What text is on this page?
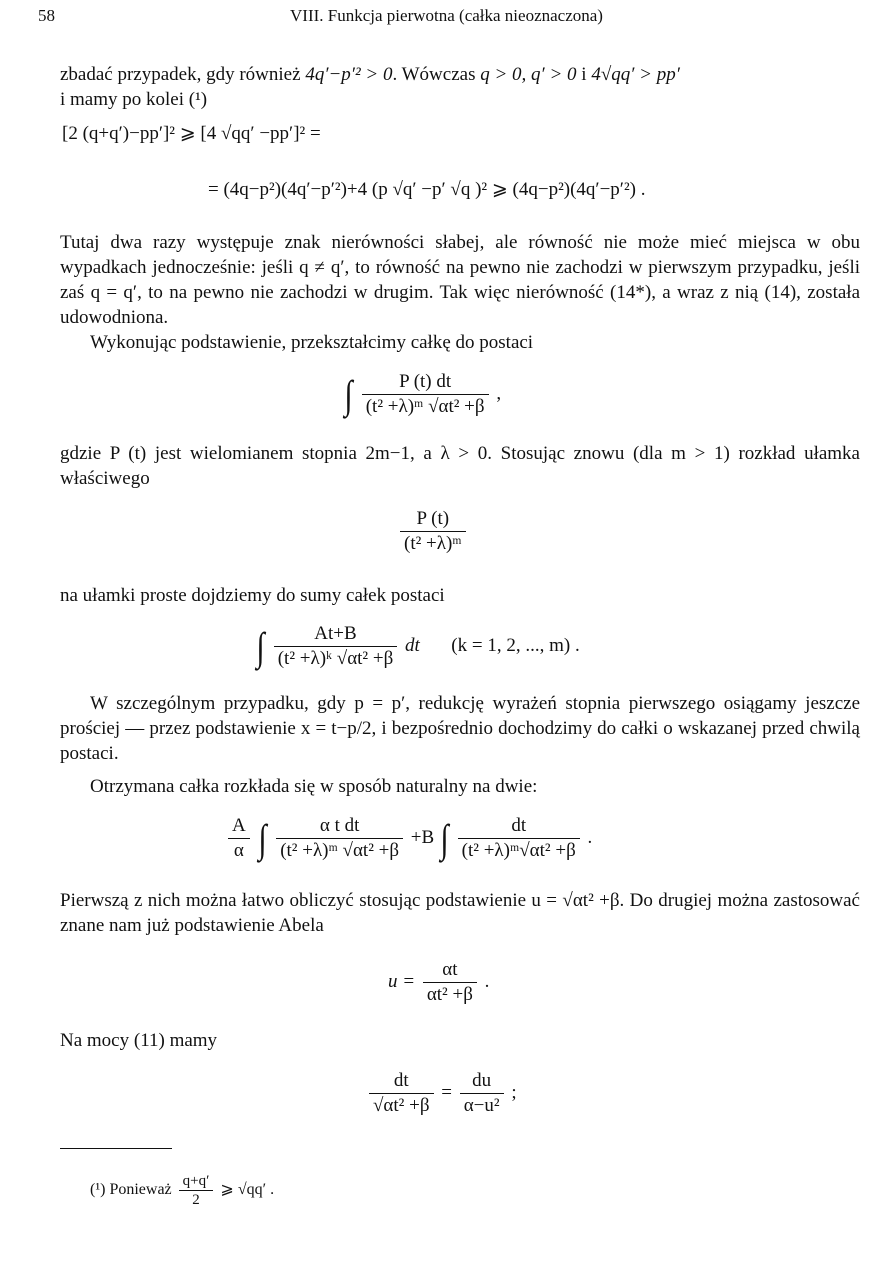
58	VIII. Funkcja pierwotna (całka nieoznaczona)
zbadać przypadek, gdy również 4q′−p′² > 0. Wówczas q > 0, q′ > 0 i 4√qq′ > pp′
i mamy po kolei (¹)
[2 (q+q′)−pp′]² ⩾ [4 √qq′ −pp′]² =
= (4q−p²)(4q′−p′²)+4 (p √q′ −p′ √q )² ⩾ (4q−p²)(4q′−p′²) .
Tutaj dwa razy występuje znak nierówności słabej, ale równość nie może mieć miejsca w obu wypadkach jednocześnie: jeśli q ≠ q′, to równość na pewno nie zachodzi w pierwszym przypadku, jeśli zaś q = q′, to na pewno nie zachodzi w drugim. Tak więc nierówność (14*), a wraz z nią (14), została udowodniona.
Wykonując podstawienie, przekształcimy całkę do postaci
∫ $\frac{P (t) dt}{\text{(t² +λ)ᵐ √αt² +β}}$ ,
gdzie P (t) jest wielomianem stopnia 2m−1, a λ > 0. Stosując znowu (dla m > 1) rozkład ułamka właściwego
$\frac{P (t)}{\text{(t² +λ)ᵐ}}$
na ułamki proste dojdziemy do sumy całek postaci
∫ $\frac{At+B}{\text{(t² +λ)ᵏ √αt² +β}}$ dt (k = 1, 2, ..., m) .
W szczególnym przypadku, gdy p = p′, redukcję wyrażeń stopnia pierwszego osiągamy jeszcze prościej — przez podstawienie x = t−p/2, i bezpośrednio dochodzimy do całki o wskazanej przed chwilą postaci.
Otrzymana całka rozkłada się w sposób naturalny na dwie:
$\frac{A}{\alpha}$ ∫ $\frac{\text{α t dt}}{\text{(t² +λ)ᵐ √αt² +β}} +B$ ∫ $\frac{dt}{\text{(t² +λ)ᵐ√αt² +β}}$ .
Pierwszą z nich można łatwo obliczyć stosując podstawienie u = √αt² +β. Do drugiej można zastosować znane nam już podstawienie Abela
$u = \frac{\alpha t}{\text{αt² +β}}$ .
Na mocy (11) mamy
$\frac{dt}{\text{√αt² +β}} = \frac{du}{\text{α−u²}}$ ;
(¹) Ponieważ $\frac{q+q'}{2}$ ⩾ √qq′ .
